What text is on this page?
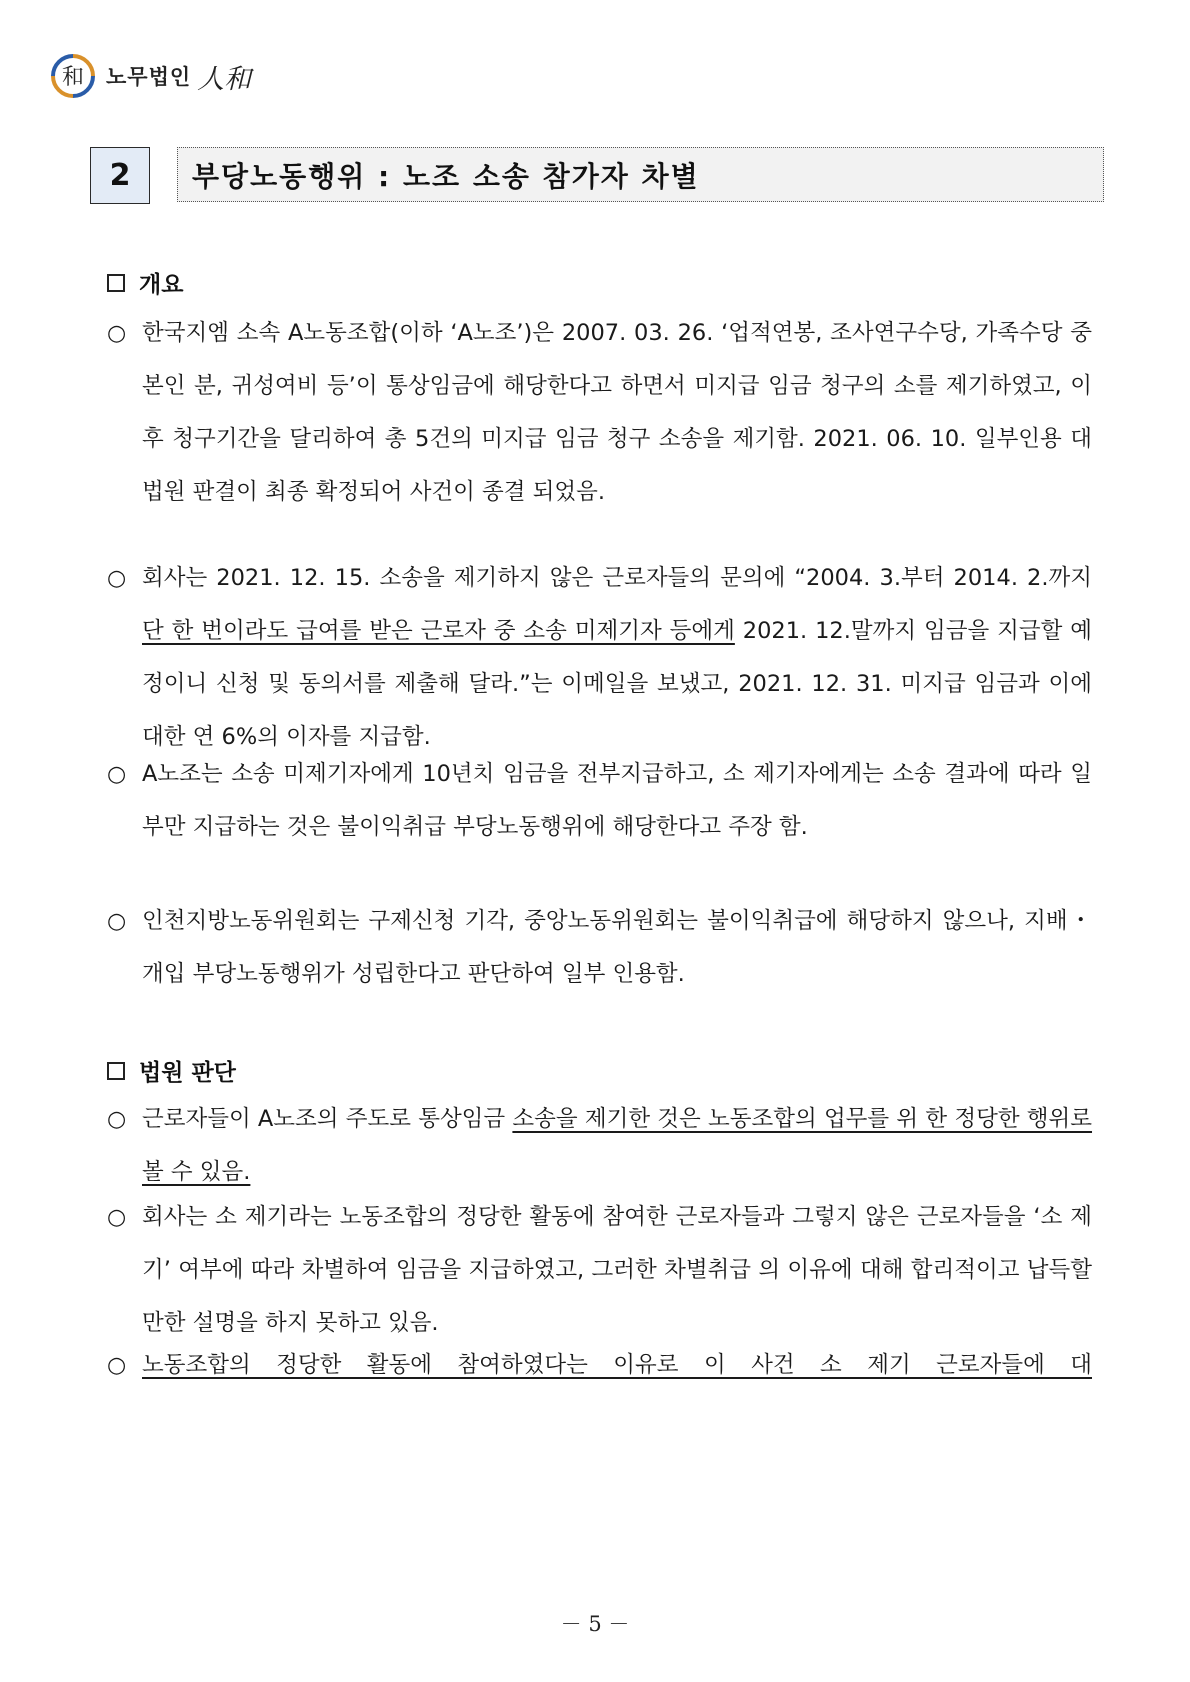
和 노무법인 人和
2	부당노동행위 : 노조 소송 참가자 차별
개요
○ 한국지엠 소속 A노동조합(이하 ‘A노조’)은 2007. 03. 26. ‘업적연봉, 조사연구수당, 가족수당 중 본인 분, 귀성여비 등’이 통상임금에 해당한다고 하면서 미지급 임금 청구의 소를 제기하였고, 이후 청구기간을 달리하여 총 5건의 미지급 임금 청구 소송을 제기함. 2021. 06. 10. 일부인용 대법원 판결이 최종 확정되어 사건이 종결 되었음.
○ 회사는 2021. 12. 15. 소송을 제기하지 않은 근로자들의 문의에 “2004. 3.부터 2014. 2.까지 단 한 번이라도 급여를 받은 근로자 중 소송 미제기자 등에게 2021. 12.말까지 임금을 지급할 예정이니 신청 및 동의서를 제출해 달라.”는 이메일을 보냈고, 2021. 12. 31. 미지급 임금과 이에 대한 연 6%의 이자를 지급함.
○ A노조는 소송 미제기자에게 10년치 임금을 전부지급하고, 소 제기자에게는 소송 결과에 따라 일부만 지급하는 것은 불이익취급 부당노동행위에 해당한다고 주장 함.
○ 인천지방노동위원회는 구제신청 기각, 중앙노동위원회는 불이익취급에 해당하지 않으나, 지배・개입 부당노동행위가 성립한다고 판단하여 일부 인용함.
법원 판단
○ 근로자들이 A노조의 주도로 통상임금 소송을 제기한 것은 노동조합의 업무를 위 한 정당한 행위로 볼 수 있음.
○ 회사는 소 제기라는 노동조합의 정당한 활동에 참여한 근로자들과 그렇지 않은 근로자들을 ‘소 제기’ 여부에 따라 차별하여 임금을 지급하였고, 그러한 차별취급 의 이유에 대해 합리적이고 납득할 만한 설명을 하지 못하고 있음.
○ 노동조합의 정당한 활동에 참여하였다는 이유로 이 사건 소 제기 근로자들에 대
－ 5 －
